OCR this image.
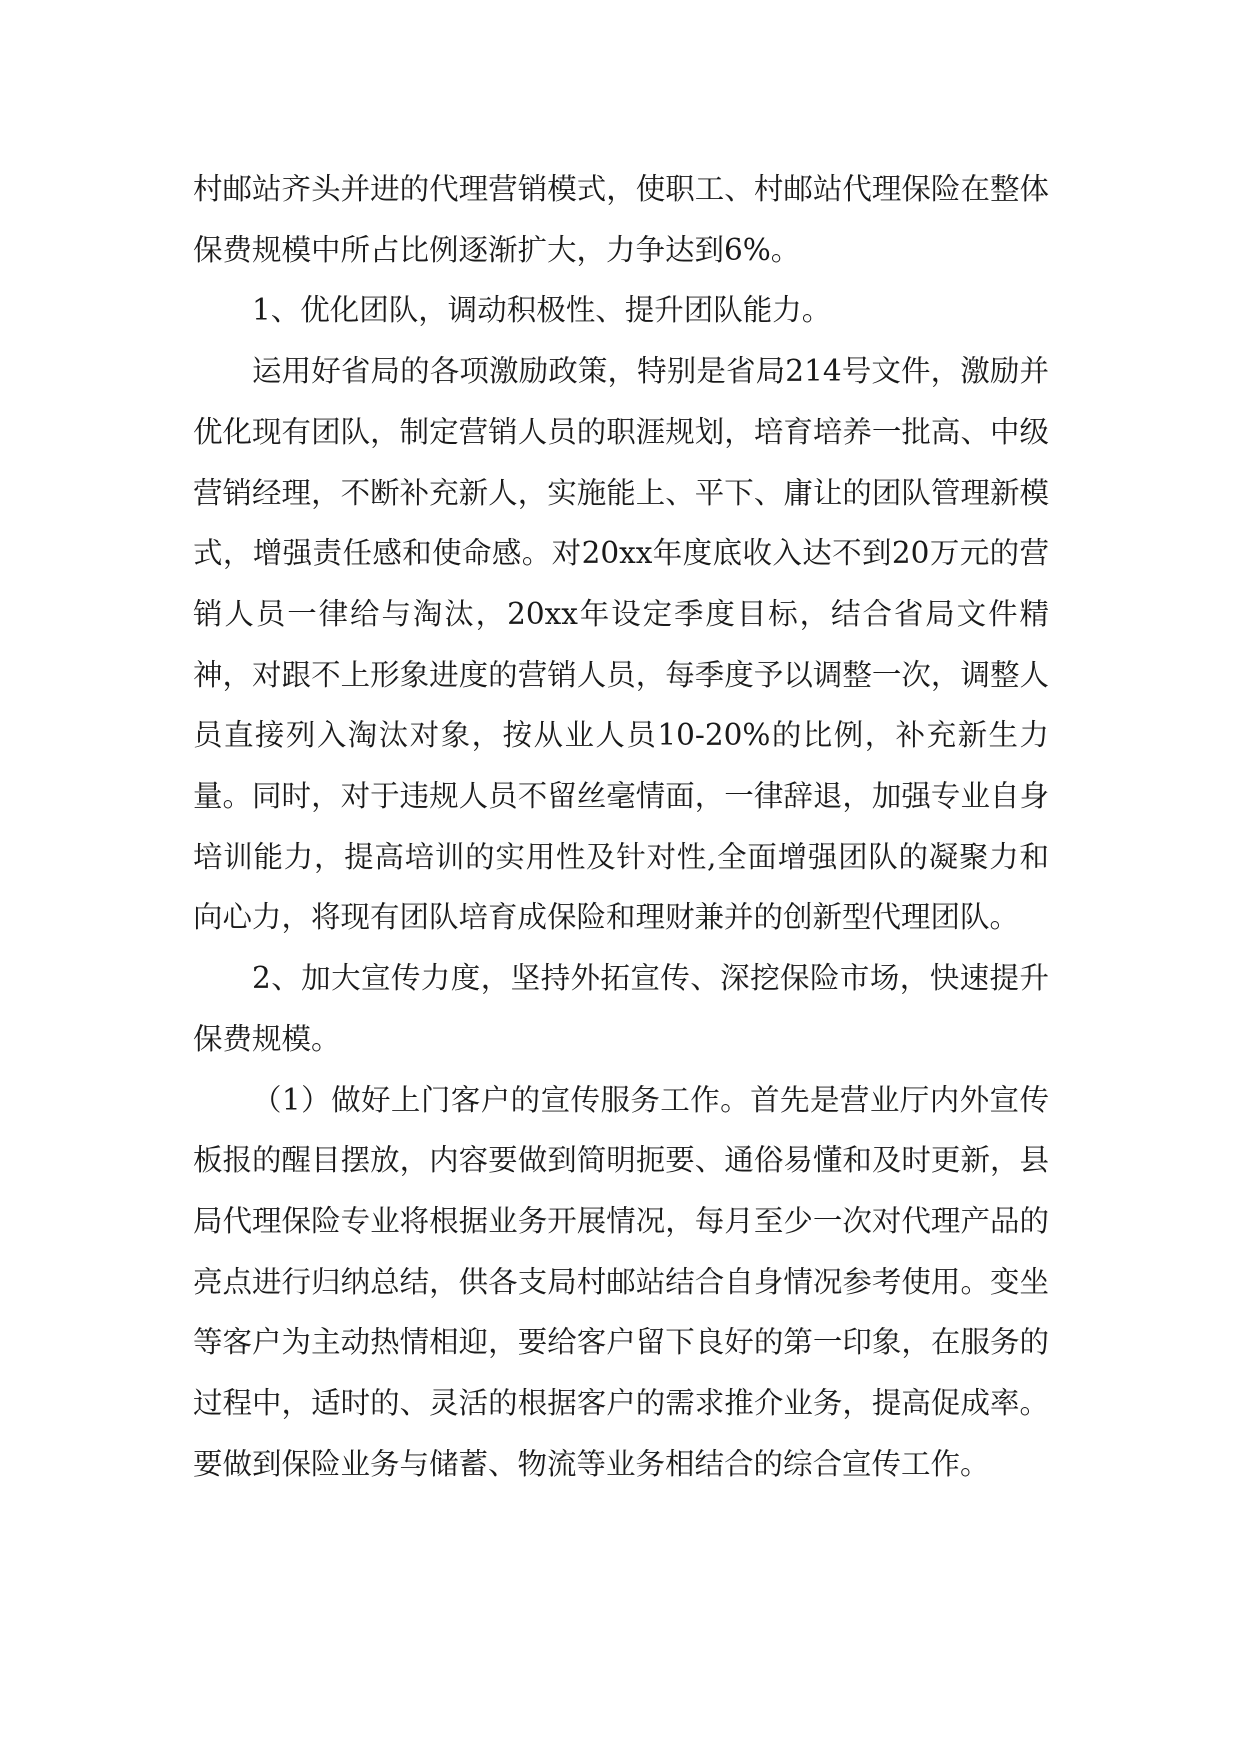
村邮站齐头并进的代理营销模式，使职工、村邮站代理保险在整体保费规模中所占比例逐渐扩大，力争达到6%。

1、优化团队，调动积极性、提升团队能力。

运用好省局的各项激励政策，特别是省局214号文件，激励并优化现有团队，制定营销人员的职涯规划，培育培养一批高、中级营销经理，不断补充新人，实施能上、平下、庸让的团队管理新模式，增强责任感和使命感。对20xx年度底收入达不到20万元的营销人员一律给与淘汰，20xx年设定季度目标，结合省局文件精神，对跟不上形象进度的营销人员，每季度予以调整一次，调整人员直接列入淘汰对象，按从业人员10-20%的比例，补充新生力量。同时，对于违规人员不留丝毫情面，一律辞退，加强专业自身培训能力，提高培训的实用性及针对性,全面增强团队的凝聚力和向心力，将现有团队培育成保险和理财兼并的创新型代理团队。

2、加大宣传力度，坚持外拓宣传、深挖保险市场，快速提升保费规模。

（1）做好上门客户的宣传服务工作。首先是营业厅内外宣传板报的醒目摆放，内容要做到简明扼要、通俗易懂和及时更新，县局代理保险专业将根据业务开展情况，每月至少一次对代理产品的亮点进行归纳总结，供各支局村邮站结合自身情况参考使用。变坐等客户为主动热情相迎，要给客户留下良好的第一印象，在服务的过程中，适时的、灵活的根据客户的需求推介业务，提高促成率。要做到保险业务与储蓄、物流等业务相结合的综合宣传工作。
